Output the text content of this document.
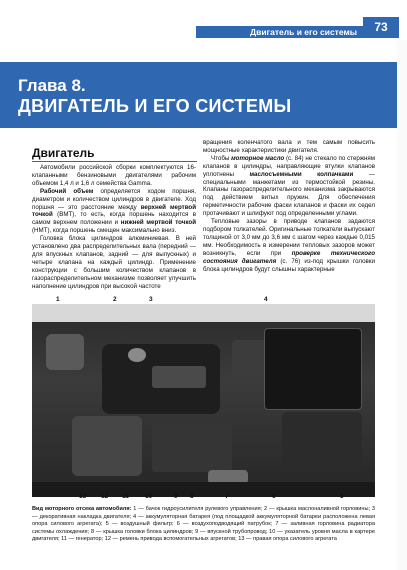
Двигатель и его системы	73
Глава 8.
ДВИГАТЕЛЬ И ЕГО СИСТЕМЫ
Двигатель

Автомобили российской сборки комплектуются 16-клапанными бензиновыми двигателями рабочим объемом 1,4 л и 1,6 л семейства Gamma.

Рабочий объем определяется ходом поршня, диаметром и количеством цилиндров в двигателе. Ход поршня — это расстояние между верхней мертвой точкой (ВМТ), то есть, когда поршень находится в самом верхнем положении и нижней мертвой точкой (НМТ), когда поршень смещен максимально вниз.

Головка блока цилиндров алюминиевая. В ней установлено два распределительных вала (передний — для впускных клапанов, задний — для выпускных) и четыре клапана на каждый цилиндр. Применение конструкции с большим количеством клапанов в газораспределительном механизме позволяет улучшить наполнение цилиндров при высокой частоте

вращения коленчатого вала и тем самым повысить мощностные характеристики двигателя.

Чтобы моторное масло (с. 84) не стекало по стержням клапанов в цилиндры, направляющие втулки клапанов уплотнены маслосъемными колпачками — специальными манжетами из термостойкой резины. Клапаны газораспределительного механизма закрываются под действием витых пружин. Для обеспечения герметичности рабочие фаски клапанов и фаски их седел протачивают и шлифуют под определенными углами.

Тепловые зазоры в приводе клапанов задаются подбором толкателей. Оригинальные толкатели выпускают толщиной от 3,0 мм до 3,6 мм с шагом через каждые 0,015 мм. Необходимость в измерении тепловых зазоров может возникнуть, если при проверке технического состояния двигателя (с. 76) из-под крышки головки блока цилиндров будут слышны характерные

1	2	3	4
13 12 11 10	9 8	7	6	5
Вид моторного отсека автомобиля: 1 — бачок гидроусилителя рулевого управления; 2 — крышка маслоналивной горловины; 3 — декоративная накладка двигателя; 4 — аккумуляторная батарея (под площадкой аккумуляторной батареи расположена левая опора силового агрегата); 5 — воздушный фильтр; 6 — воздухоподводящий патрубок; 7 — заливная горловина радиатора системы охлаждения; 8 — крышка головки блока цилиндров; 9 — впускной трубопровод; 10 — указатель уровня масла в картере двигателя; 11 — генератор; 12 — ремень привода вспомогательных агрегатов; 13 — правая опора силового агрегата
